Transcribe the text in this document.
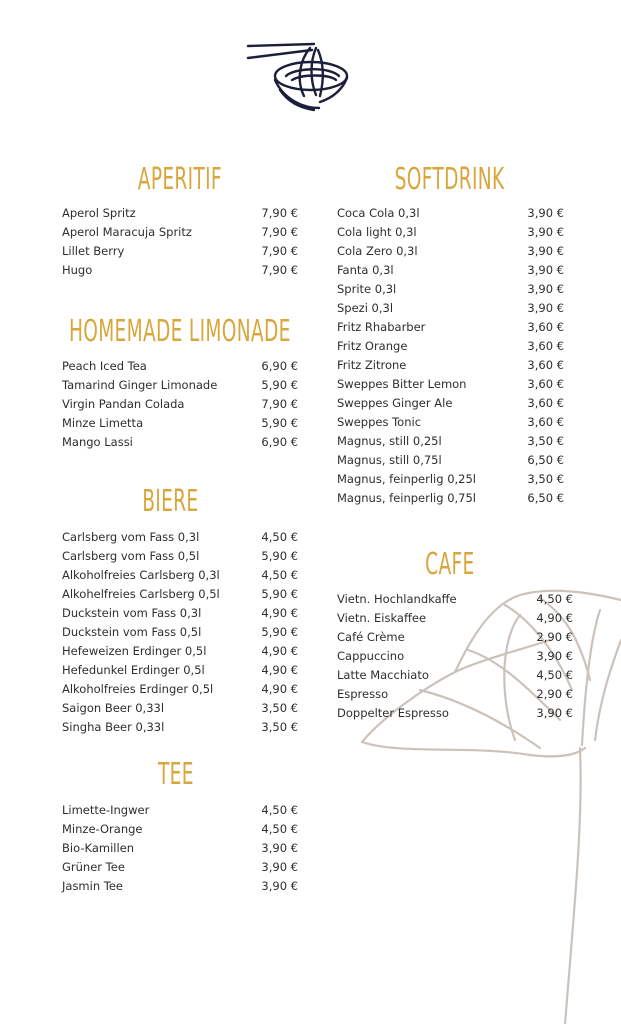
APERITIF
Aperol Spritz	7,90 €
Aperol Maracuja Spritz	7,90 €
Lillet Berry	7,90 €
Hugo	7,90 €
HOMEMADE LIMONADE
Peach Iced Tea	6,90 €
Tamarind Ginger Limonade	5,90 €
Virgin Pandan Colada	7,90 €
Minze Limetta	5,90 €
Mango Lassi	6,90 €
BIERE
Carlsberg vom Fass 0,3l	4,50 €
Carlsberg vom Fass 0,5l	5,90 €
Alkoholfreies Carlsberg 0,3l	4,50 €
Alkohelfreies Carlsberg 0,5l	5,90 €
Duckstein vom Fass 0,3l	4,90 €
Duckstein vom Fass 0,5l	5,90 €
Hefeweizen Erdinger 0,5l	4,90 €
Hefedunkel Erdinger 0,5l	4,90 €
Alkoholfreies Erdinger 0,5l	4,90 €
Saigon Beer 0,33l	3,50 €
Singha Beer 0,33l	3,50 €
TEE
Limette-Ingwer	4,50 €
Minze-Orange	4,50 €
Bio-Kamillen	3,90 €
Grüner Tee	3,90 €
Jasmin Tee	3,90 €
SOFTDRINK
Coca Cola 0,3l	3,90 €
Cola light 0,3l	3,90 €
Cola Zero 0,3l	3,90 €
Fanta 0,3l	3,90 €
Sprite 0,3l	3,90 €
Spezi 0,3l	3,90 €
Fritz Rhabarber	3,60 €
Fritz Orange	3,60 €
Fritz Zitrone	3,60 €
Sweppes Bitter Lemon	3,60 €
Sweppes Ginger Ale	3,60 €
Sweppes Tonic	3,60 €
Magnus, still 0,25l	3,50 €
Magnus, still 0,75l	6,50 €
Magnus, feinperlig 0,25l	3,50 €
Magnus, feinperlig 0,75l	6,50 €
CAFE
Vietn. Hochlandkaffe	4,50 €
Vietn. Eiskaffee	4,90 €
Café Crème	2,90 €
Cappuccino	3,90 €
Latte Macchiato	4,50 €
Espresso	2,90 €
Doppelter Espresso	3,90 €
